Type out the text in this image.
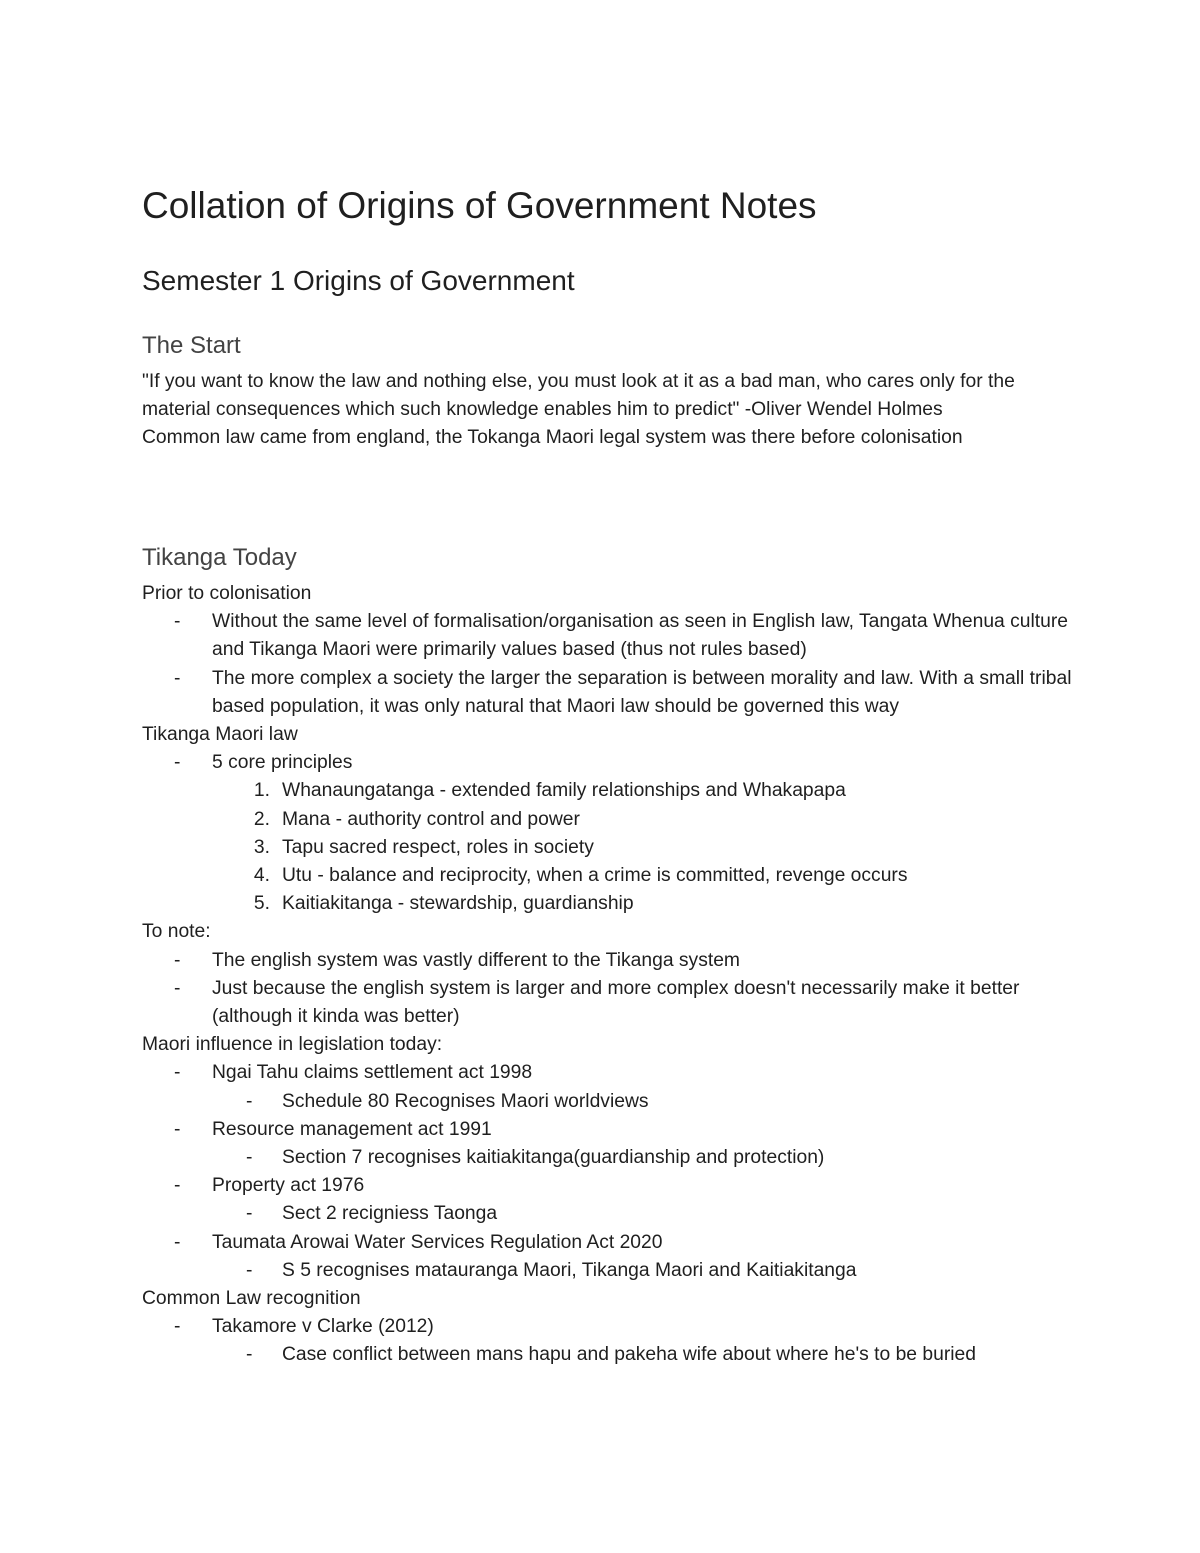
Collation of Origins of Government Notes
Semester 1 Origins of Government
The Start

"If you want to know the law and nothing else, you must look at it as a bad man, who cares only for the material consequences which such knowledge enables him to predict" -Oliver Wendel Holmes

Common law came from england, the Tokanga Maori legal system was there before colonisation

Tikanga Today

Prior to colonisation

- Without the same level of formalisation/organisation as seen in English law, Tangata Whenua culture and Tikanga Maori were primarily values based (thus not rules based)
- The more complex a society the larger the separation is between morality and law. With a small tribal based population, it was only natural that Maori law should be governed this way

Tikanga Maori law

- 5 core principles
1. Whanaungatanga - extended family relationships and Whakapapa
2. Mana - authority control and power
3. Tapu sacred respect, roles in society
4. Utu - balance and reciprocity, when a crime is committed, revenge occurs
5. Kaitiakitanga - stewardship, guardianship

To note:

- The english system was vastly different to the Tikanga system
- Just because the english system is larger and more complex doesn't necessarily make it better (although it kinda was better)

Maori influence in legislation today:

- Ngai Tahu claims settlement act 1998
- Schedule 80 Recognises Maori worldviews
- Resource management act 1991
- Section 7 recognises kaitiakitanga(guardianship and protection)
- Property act 1976
- Sect 2 recigniess Taonga
- Taumata Arowai Water Services Regulation Act 2020
- S 5 recognises matauranga Maori, Tikanga Maori and Kaitiakitanga

Common Law recognition

- Takamore v Clarke (2012)
- Case conflict between mans hapu and pakeha wife about where he's to be buried
